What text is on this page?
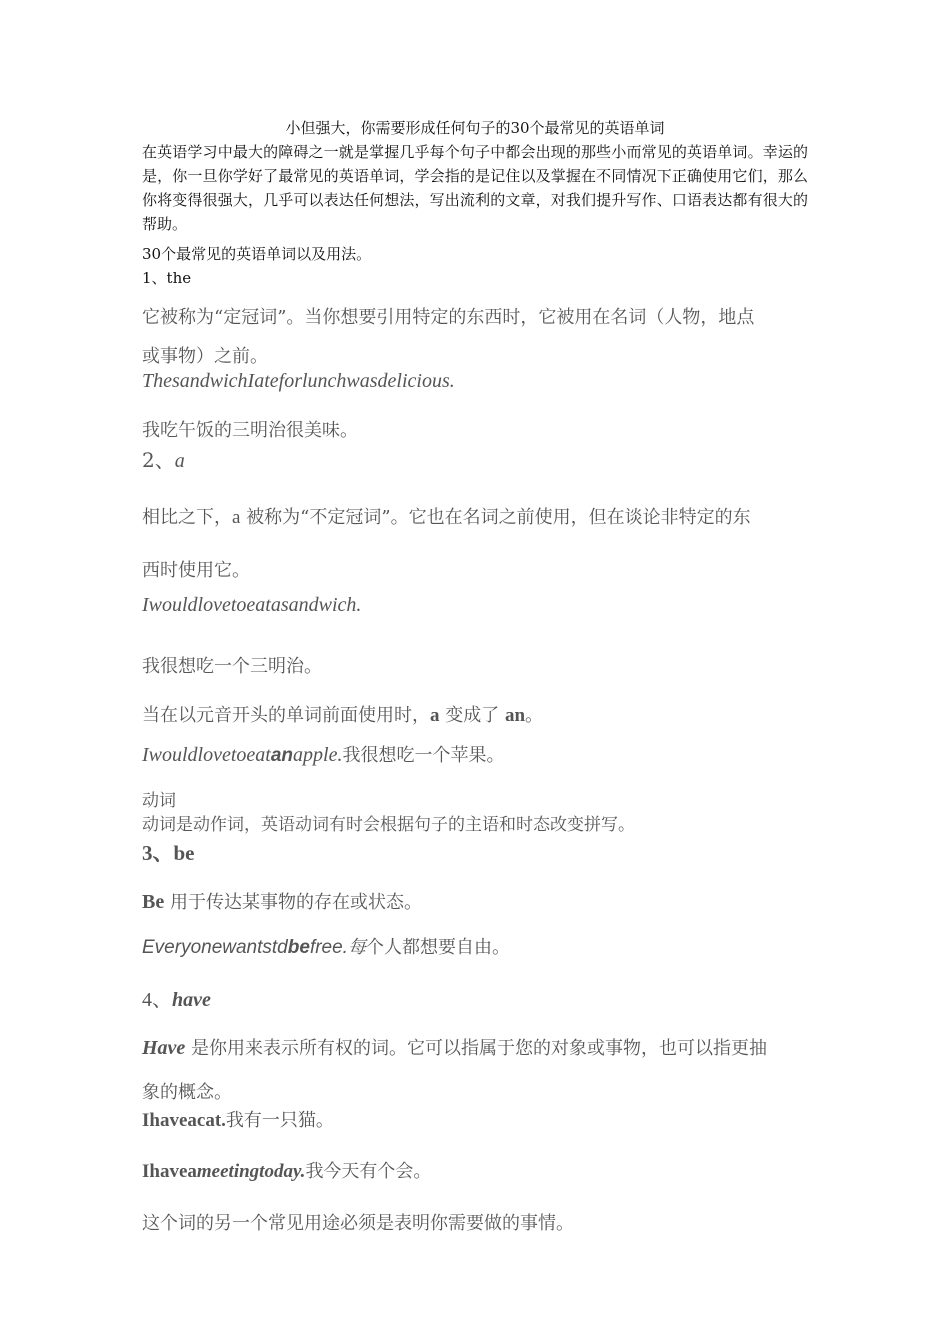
小但强大，你需要形成任何句子的30个最常见的英语单词

在英语学习中最大的障碍之一就是掌握几乎每个句子中都会出现的那些小而常见的英语单词。幸运的是，你一旦你学好了最常见的英语单词，学会指的是记住以及掌握在不同情况下正确使用它们，那么你将变得很强大，几乎可以表达任何想法，写出流利的文章，对我们提升写作、口语表达都有很大的帮助。

30个最常见的英语单词以及用法。

1、the

它被称为“定冠词”。当你想要引用特定的东西时，它被用在名词（人物，地点

或事物）之前。

ThesandwichIateforlunchwasdelicious.

我吃午饭的三明治很美味。

2、a

相比之下，a 被称为“不定冠词”。它也在名词之前使用，但在谈论非特定的东

西时使用它。

Iwouldlovetoeatasandwich.

我很想吃一个三明治。

当在以元音开头的单词前面使用时，a 变成了 an。

Iwouldlovetoeatanapple.我很想吃一个苹果。

动词

动词是动作词，英语动词有时会根据句子的主语和时态改变拼写。

3、be

Be 用于传达某事物的存在或状态。

Everyonewantstdbefree.每个人都想要自由。

4、have

Have 是你用来表示所有权的词。它可以指属于您的对象或事物，也可以指更抽

象的概念。

Ihaveacat.我有一只猫。

Ihaveameetingtoday.我今天有个会。

这个词的另一个常见用途必须是表明你需要做的事情。
